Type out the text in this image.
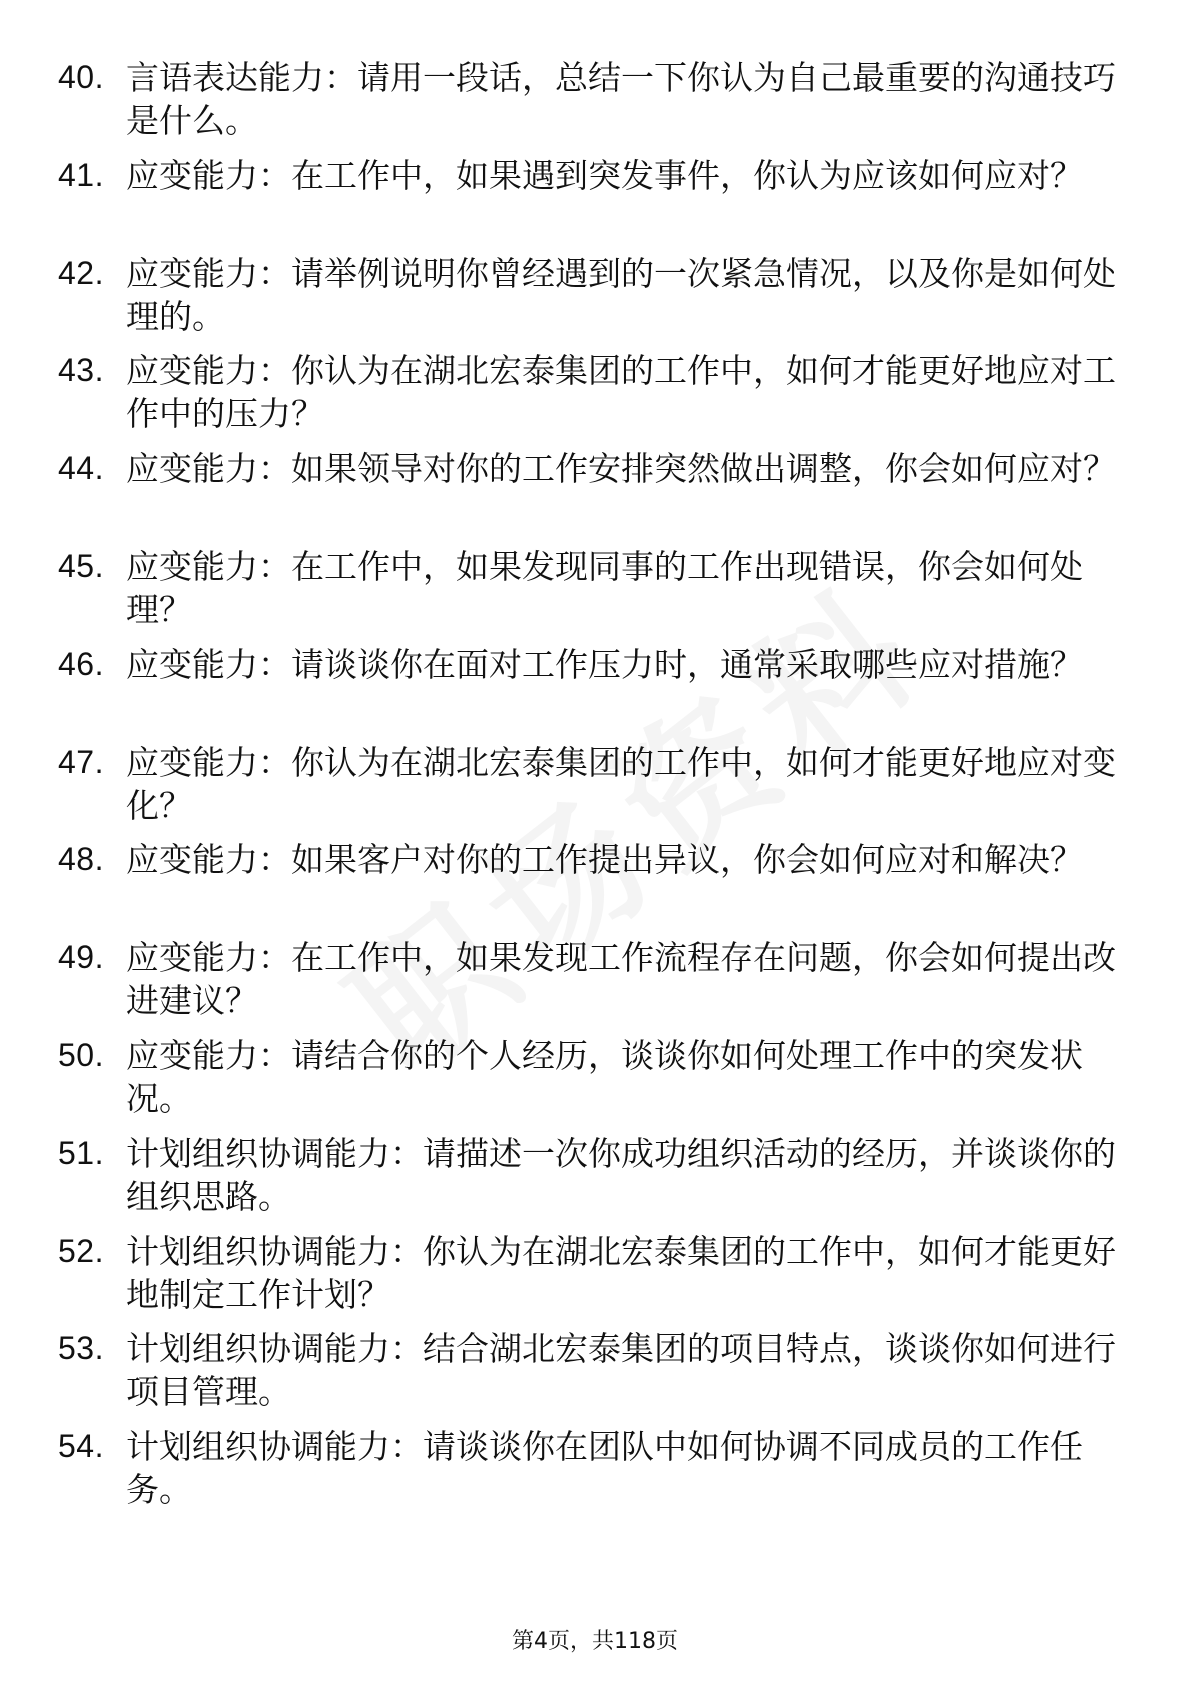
40. 言语表达能力：请用一段话，总结一下你认为自己最重要的沟通技巧是什么。
41. 应变能力：在工作中，如果遇到突发事件，你认为应该如何应对？
42. 应变能力：请举例说明你曾经遇到的一次紧急情况，以及你是如何处理的。
43. 应变能力：你认为在湖北宏泰集团的工作中，如何才能更好地应对工作中的压力？
44. 应变能力：如果领导对你的工作安排突然做出调整，你会如何应对？
45. 应变能力：在工作中，如果发现同事的工作出现错误，你会如何处理？
46. 应变能力：请谈谈你在面对工作压力时，通常采取哪些应对措施？
47. 应变能力：你认为在湖北宏泰集团的工作中，如何才能更好地应对变化？
48. 应变能力：如果客户对你的工作提出异议，你会如何应对和解决？
49. 应变能力：在工作中，如果发现工作流程存在问题，你会如何提出改进建议？
50. 应变能力：请结合你的个人经历，谈谈你如何处理工作中的突发状况。
51. 计划组织协调能力：请描述一次你成功组织活动的经历，并谈谈你的组织思路。
52. 计划组织协调能力：你认为在湖北宏泰集团的工作中，如何才能更好地制定工作计划？
53. 计划组织协调能力：结合湖北宏泰集团的项目特点，谈谈你如何进行项目管理。
54. 计划组织协调能力：请谈谈你在团队中如何协调不同成员的工作任务。
第4页，共118页
